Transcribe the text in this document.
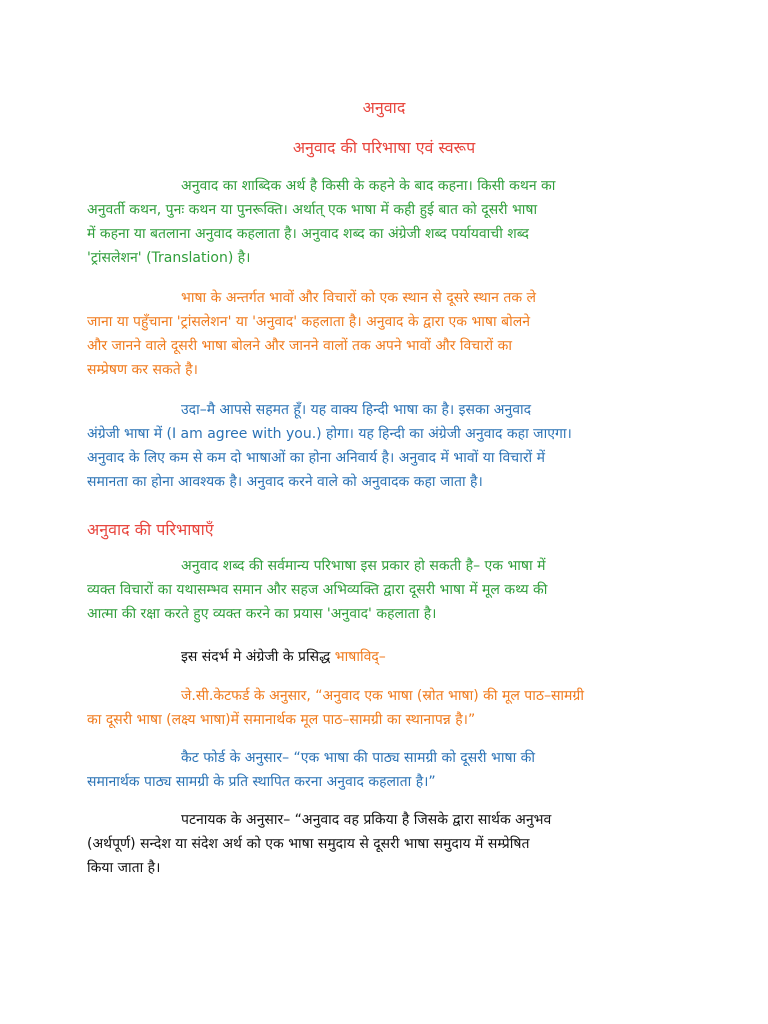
अनुवाद
अनुवाद की परिभाषा एवं स्वरूप

अनुवाद का शाब्दिक अर्थ है किसी के कहने के बाद कहना। किसी कथन का
अनुवर्ती कथन, पुनः कथन या पुनरूक्ति। अर्थात् एक भाषा में कही हुई बात को दूसरी भाषा
में कहना या बतलाना अनुवाद कहलाता है। अनुवाद शब्द का अंग्रेजी शब्द पर्यायवाची शब्द
'ट्रांसलेशन' (Translation) है।

भाषा के अन्तर्गत भावों और विचारों को एक स्थान से दूसरे स्थान तक ले
जाना या पहुँचाना 'ट्रांसलेशन' या 'अनुवाद' कहलाता है। अनुवाद के द्वारा एक भाषा बोलने
और जानने वाले दूसरी भाषा बोलने और जानने वालों तक अपने भावों और विचारों का
सम्प्रेषण कर सकते है।

उदा–मै आपसे सहमत हूँ। यह वाक्य हिन्दी भाषा का है। इसका अनुवाद
अंग्रेजी भाषा में (I am agree with you.) होगा। यह हिन्दी का अंग्रेजी अनुवाद कहा जाएगा।
अनुवाद के लिए कम से कम दो भाषाओं का होना अनिवार्य है। अनुवाद में भावों या विचारों में
समानता का होना आवश्यक है। अनुवाद करने वाले को अनुवादक कहा जाता है।

अनुवाद की परिभाषाएँ

अनुवाद शब्द की सर्वमान्य परिभाषा इस प्रकार हो सकती है– एक भाषा में
व्यक्त विचारों का यथासम्भव समान और सहज अभिव्यक्ति द्वारा दूसरी भाषा में मूल कथ्य की
आत्मा की रक्षा करते हुए व्यक्त करने का प्रयास 'अनुवाद' कहलाता है।

इस संदर्भ मे अंग्रेजी के प्रसिद्ध भाषाविद्–

जे.सी.केटफर्ड के अनुसार, “अनुवाद एक भाषा (स्रोत भाषा) की मूल पाठ–सामग्री
का दूसरी भाषा (लक्ष्य भाषा)में समानार्थक मूल पाठ–सामग्री का स्थानापन्न है।”

कैट फोर्ड के अनुसार– “एक भाषा की पाठ्य सामग्री को दूसरी भाषा की
समानार्थक पाठ्य सामग्री के प्रति स्थापित करना अनुवाद कहलाता है।”

पटनायक के अनुसार– “अनुवाद वह प्रकिया है जिसके द्वारा सार्थक अनुभव
(अर्थपूर्ण) सन्देश या संदेश अर्थ को एक भाषा समुदाय से दूसरी भाषा समुदाय में सम्प्रेषित
किया जाता है।
